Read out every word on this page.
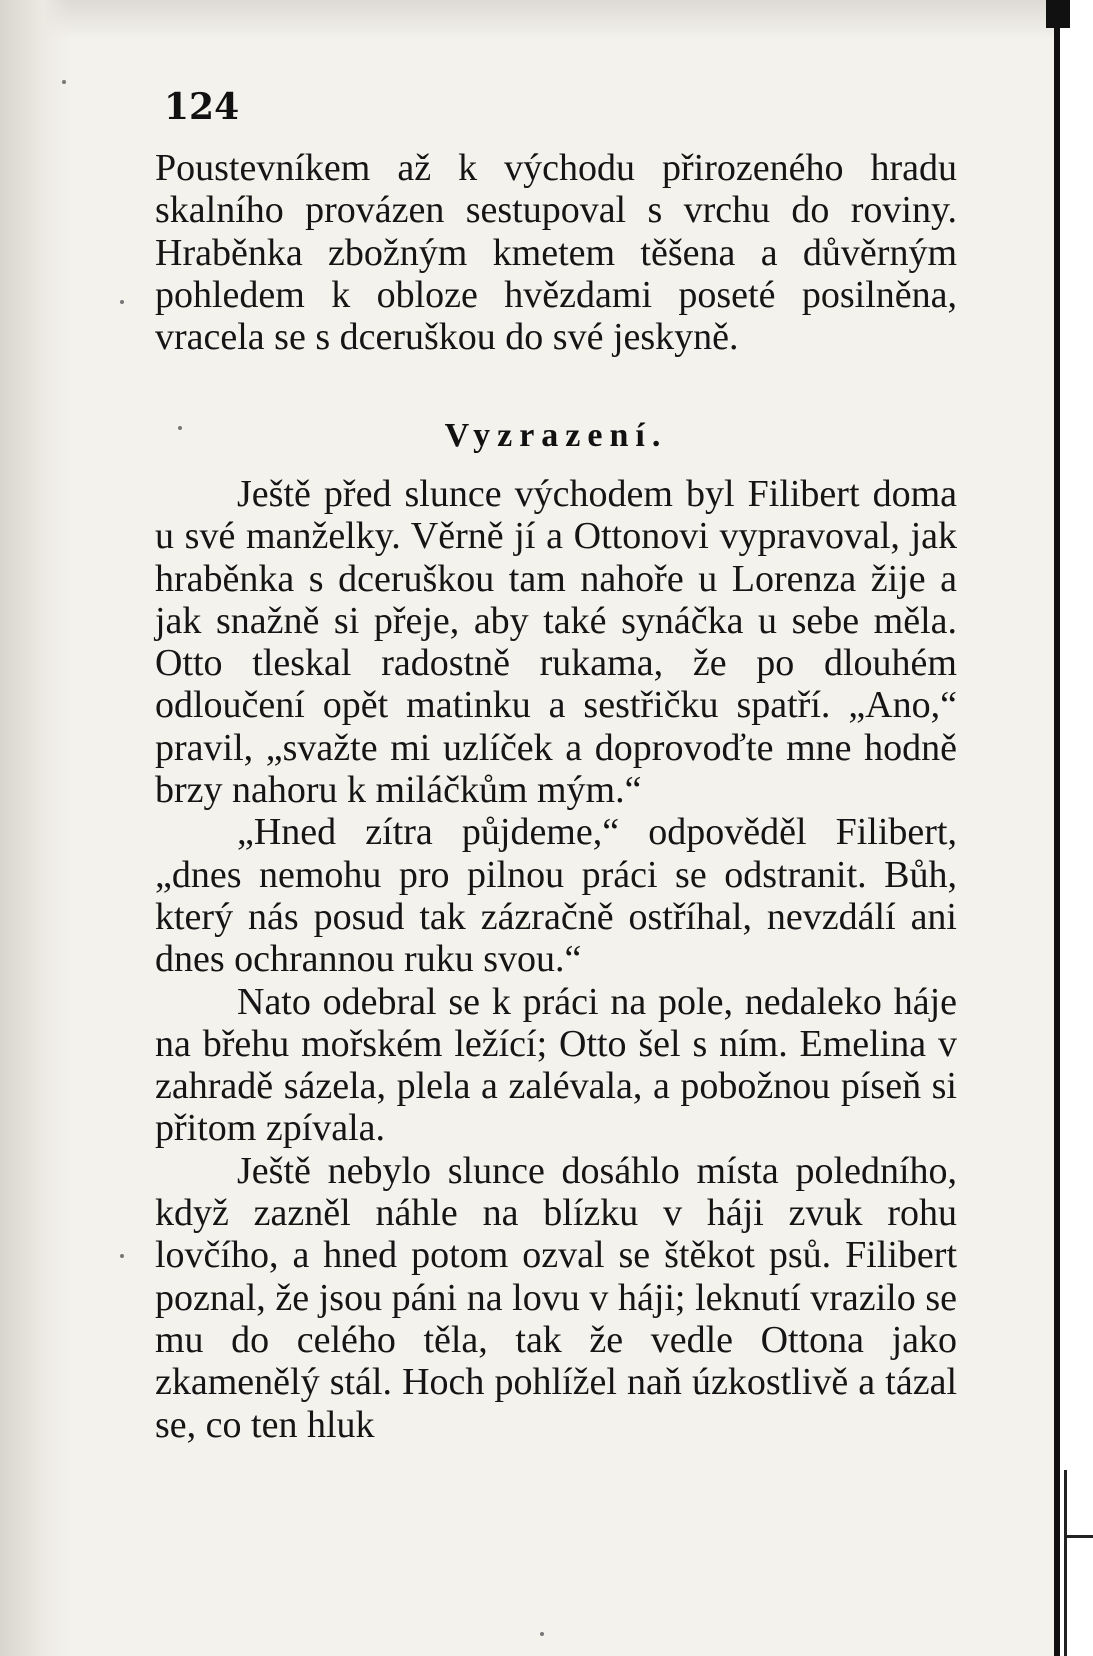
124

Poustevníkem až k východu přirozeného hradu skalního provázen sestupoval s vrchu do roviny. Hraběnka zbožným kmetem těšena a důvěrným pohledem k obloze hvězdami poseté posilněna, vracela se s dceruškou do své jeskyně.

Vyzrazení.

Ještě před slunce východem byl Filibert doma u své manželky. Věrně jí a Ottonovi vypravoval, jak hraběnka s dceruškou tam nahoře u Lorenza žije a jak snažně si přeje, aby také synáčka u sebe měla. Otto tleskal radostně rukama, že po dlouhém odloučení opět matinku a sestřičku spatří. „Ano,“ pravil, „svažte mi uzlíček a doprovoďte mne hodně brzy nahoru k miláčkům mým.“

„Hned zítra půjdeme,“ odpověděl Filibert, „dnes nemohu pro pilnou práci se odstranit. Bůh, který nás posud tak zázračně ostříhal, nevzdálí ani dnes ochrannou ruku svou.“

Nato odebral se k práci na pole, nedaleko háje na břehu mořském ležící; Otto šel s ním. Emelina v zahradě sázela, plela a zalévala, a pobožnou píseň si přitom zpívala.

Ještě nebylo slunce dosáhlo místa poledního, když zazněl náhle na blízku v háji zvuk rohu lovčího, a hned potom ozval se štěkot psů. Filibert poznal, že jsou páni na lovu v háji; leknutí vrazilo se mu do celého těla, tak že vedle Ottona jako zkamenělý stál. Hoch pohlížel naň úzkostlivě a tázal se, co ten hluk
